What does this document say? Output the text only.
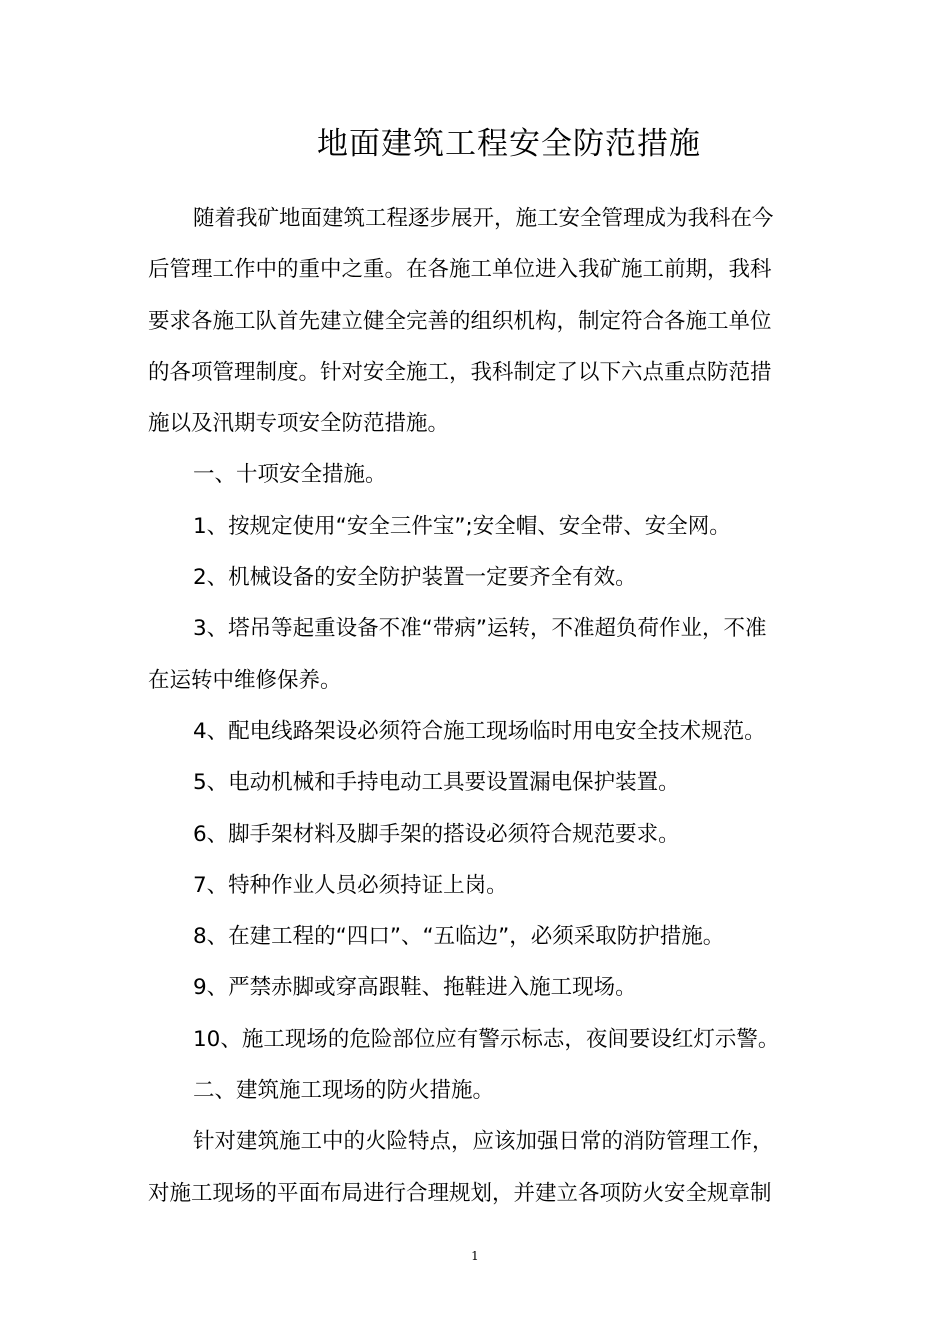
地面建筑工程安全防范措施
随着我矿地面建筑工程逐步展开，施工安全管理成为我科在今
后管理工作中的重中之重。在各施工单位进入我矿施工前期，我科
要求各施工队首先建立健全完善的组织机构，制定符合各施工单位
的各项管理制度。针对安全施工，我科制定了以下六点重点防范措
施以及汛期专项安全防范措施。
一、十项安全措施。
1、按规定使用“安全三件宝”;安全帽、安全带、安全网。
2、机械设备的安全防护装置一定要齐全有效。
3、塔吊等起重设备不准“带病”运转，不准超负荷作业，不准
在运转中维修保养。
4、配电线路架设必须符合施工现场临时用电安全技术规范。
5、电动机械和手持电动工具要设置漏电保护装置。
6、脚手架材料及脚手架的搭设必须符合规范要求。
7、特种作业人员必须持证上岗。
8、在建工程的“四口”、“五临边”，必须采取防护措施。
9、严禁赤脚或穿高跟鞋、拖鞋进入施工现场。
10、施工现场的危险部位应有警示标志，夜间要设红灯示警。
二、建筑施工现场的防火措施。
针对建筑施工中的火险特点，应该加强日常的消防管理工作，
对施工现场的平面布局进行合理规划，并建立各项防火安全规章制
1
